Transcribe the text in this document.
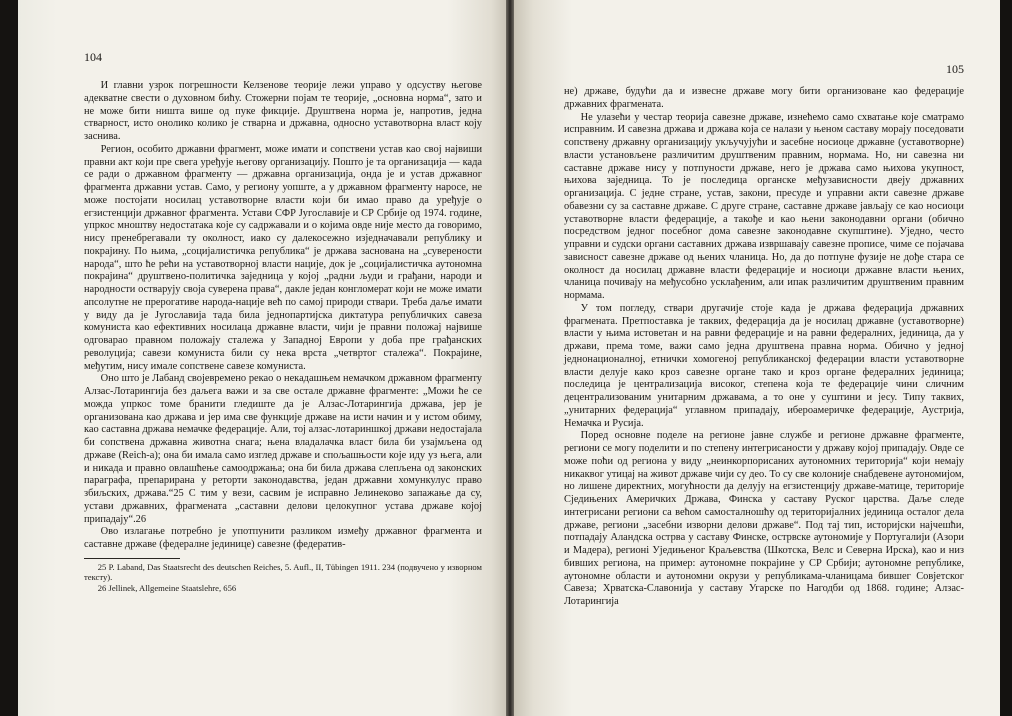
104

И главни узрок погрешности Келзенове теорије лежи управо у одсуству његове адекватне свести о духовном бићу. Стожерни појам те теорије, „основна норма“, зато и не може бити ништа више од пуке фикције. Друштвена норма је, напротив, једна стварност, исто онолико колико је стварна и државна, односно уставотворна власт коју заснива.

Регион, особито државни фрагмент, може имати и сопствени устав као свој највиши правни акт који пре свега уређује његову организацију. Пошто је та организација — када се ради о државном фрагменту — државна организација, онда је и устав државног фрагмента државни устав. Само, у региону уопште, а у државном фрагменту наросе, не може постојати носилац уставотворне власти који би имао право да уређује о егзистенцији државног фрагмента. Устави СФР Југославије и СР Србије од 1974. године, упркос мноштву недостатака које су садржавали и о којима овде није место да говоримо, нису пренебрегавали ту околност, иако су далекосежно изједначавали републику и покрајину. По њима, „социјалистичка република“ је држава заснована на „суверености народа“, што ће рећи на уставотворној власти нације, док је „социјалистичка аутономна покрајина“ друштвено-политичка заједница у којој „радни људи и грађани, народи и народности остварују своја суверена права“, дакле један конгломерат који не може имати апсолутне не прерогативе народа-нације већ по самој природи ствари. Треба даље имати у виду да је Југославија тада била једнопартијска диктатура републичких савеза комуниста као ефективних носилаца државне власти, чији је правни положај највише одговарао правном положају сталежа у Западној Европи у доба пре грађанских револуција; савези комуниста били су нека врста „четвртог сталежа“. Покрајине, међутим, нису имале сопствене савезе комуниста.

Оно што је Лабанд својевремено рекао о некадашњем немачком државном фрагменту Алзас-Лотарингија без даљега важи и за све остале државне фрагменте: „Можи ће се можда упркос томе бранити гледиште да је Алзас-Лотарингија држава, јер је организована као држава и јер има све функције државе на исти начин и у истом обиму, као саставна држава немачке федерације. Али, тој алзас-лотариншкој држави недостајала би сопствена државна животна снага; њена владалачка власт била би узајмљена од државе (Reich-а); она би имала само изглед државе и спољашњости које иду уз њега, али и никада и правно овлашћење самоодржања; она би била држава слепљена од законских параграфа, препарирана у реторти законодавства, један државни хомункулус право збиљских, држава.“25 С тим у вези, сасвим је исправно Јелинеково запажање да су, устави државних, фрагмената „саставни делови целокупног устава државе којој припадају“.26

Ово излагање потребно је употпунити разликом између државног фрагмента и саставне државе (федералне јединице) савезне (федератив-

25 P. Laband, Das Staatsrecht des deutschen Reiches, 5. Aufl., II, Tübingen 1911. 234 (подвучено у изворном тексту).

26 Jellinek, Allgemeine Staatslehre, 656

105

не) државе, будући да и извесне државе могу бити организоване као федерације државних фрагмената.

Не улазећи у честар теорија савезне државе, изнећемо само схватање које сматрамо исправним. И савезна држава и држава која се налази у њеном саставу морају поседовати сопствену државну организацију укључујући и засебне носиоце државне (уставотворне) власти установљене различитим друштвеним правним, нормама. Но, ни савезна ни саставне државе нису у потпуности државе, него је држава само њихова укупност, њихова заједница. То је последица органске међузависности двеју државних организација. С једне стране, устав, закони, пресуде и управни акти савезне државе обавезни су за саставне државе. С друге стране, саставне државе јављају се као носиоци уставотворне власти федерације, а такође и као њени законодавни органи (обично посредством једног посебног дома савезне законодавне скупштине). Уједно, често управни и судски органи саставних држава извршавају савезне прописе, чиме се појачава зависност савезне државе од њених чланица. Но, да до потпуне фузије не дође стара се околност да носилац државне власти федерације и носиоци државне власти њених, чланица почивају на међусобно усклађеним, али ипак различитим друштвеним правним нормама.

У том погледу, ствари другачије стоје када је држава федерација државних фрагмената. Претпоставка је таквих, федерација да је носилац државне (уставотворне) власти у њима истоветан и на равни федерације и на равни федералних, јединица, да у држави, према томе, важи само једна друштвена правна норма. Обично у једној једнонационалној, етнички хомогеној републиканској федерации власти уставотворне власти делује како кроз савезне органе тако и кроз органе федералних јединица; последица је централизација високог, степена која те федерације чини сличним децентрализованим унитарним државама, а то оне у суштини и јесу. Типу таквих, „унитарних федерација“ углавном припадају, ибероамеричке федерације, Аустрија, Немачка и Русија.

Поред основне поделе на регионе јавне службе и регионе државне фрагменте, региони се могу поделити и по степену интегрисаности у државу којој припадају. Овде се може поћи од региона у виду „неинкорпорисаних аутономних територија“ који немају никаквог утицај на живот државе чији су део. То су све колоније снабдевене аутономијом, но лишене директних, могућности да делују на егзистенцију државе-матице, територије Сједињених Америчких Држава, Финска у саставу Руског царства. Даље следе интегрисани региони са већом самосталношћу од територијалних јединица осталог дела државе, региони „засебни изворни делови државе“. Под тај тип, историјски најчешћи, потпадају Аландска острва у саставу Финске, острвске аутономије у Португалији (Азори и Мадера), регионі Уједињеног Краљевства (Шкотска, Велс и Северна Ирска), као и низ бивших региона, на пример: аутономне покрајине у СР Србији; аутономне републике, аутономне области и аутономни окрузи у републикама-чланицама бившег Совјетског Савеза; Хрватска-Славонија у саставу Угарске по Нагодби од 1868. године; Алзас-Лотарингија
